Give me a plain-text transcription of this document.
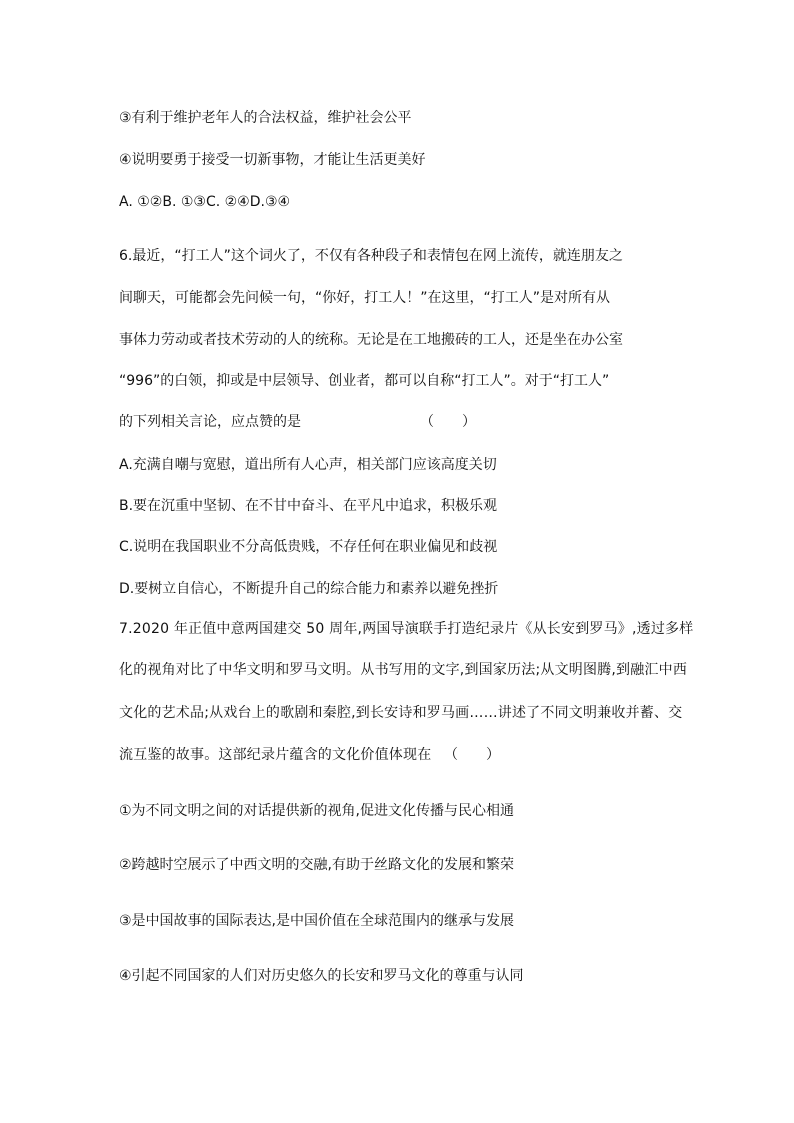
③有利于维护老年人的合法权益，维护社会公平
④说明要勇于接受一切新事物，才能让生活更美好
A. ①②B. ①③C. ②④D.③④
6.最近，“打工人”这个词火了，不仅有各种段子和表情包在网上流传，就连朋友之
间聊天，可能都会先问候一句，“你好，打工人！”在这里，“打工人”是对所有从
事体力劳动或者技术劳动的人的统称。无论是在工地搬砖的工人，还是坐在办公室
“996”的白领，抑或是中层领导、创业者，都可以自称“打工人”。对于“打工人”
的下列相关言论，应点赞的是	（　　）
A.充满自嘲与宽慰，道出所有人心声，相关部门应该高度关切
B.要在沉重中坚韧、在不甘中奋斗、在平凡中追求，积极乐观
C.说明在我国职业不分高低贵贱，不存任何在职业偏见和歧视
D.要树立自信心，不断提升自己的综合能力和素养以避免挫折
7.2020 年正值中意两国建交 50 周年,两国导演联手打造纪录片《从长安到罗马》,透过多样
化的视角对比了中华文明和罗马文明。从书写用的文字,到国家历法;从文明图腾,到融汇中西
文化的艺术品;从戏台上的歌剧和秦腔,到长安诗和罗马画……讲述了不同文明兼收并蓄、交
流互鉴的故事。这部纪录片蕴含的文化价值体现在 （　　）
①为不同文明之间的对话提供新的视角,促进文化传播与民心相通
②跨越时空展示了中西文明的交融,有助于丝路文化的发展和繁荣
③是中国故事的国际表达,是中国价值在全球范围内的继承与发展
④引起不同国家的人们对历史悠久的长安和罗马文化的尊重与认同
